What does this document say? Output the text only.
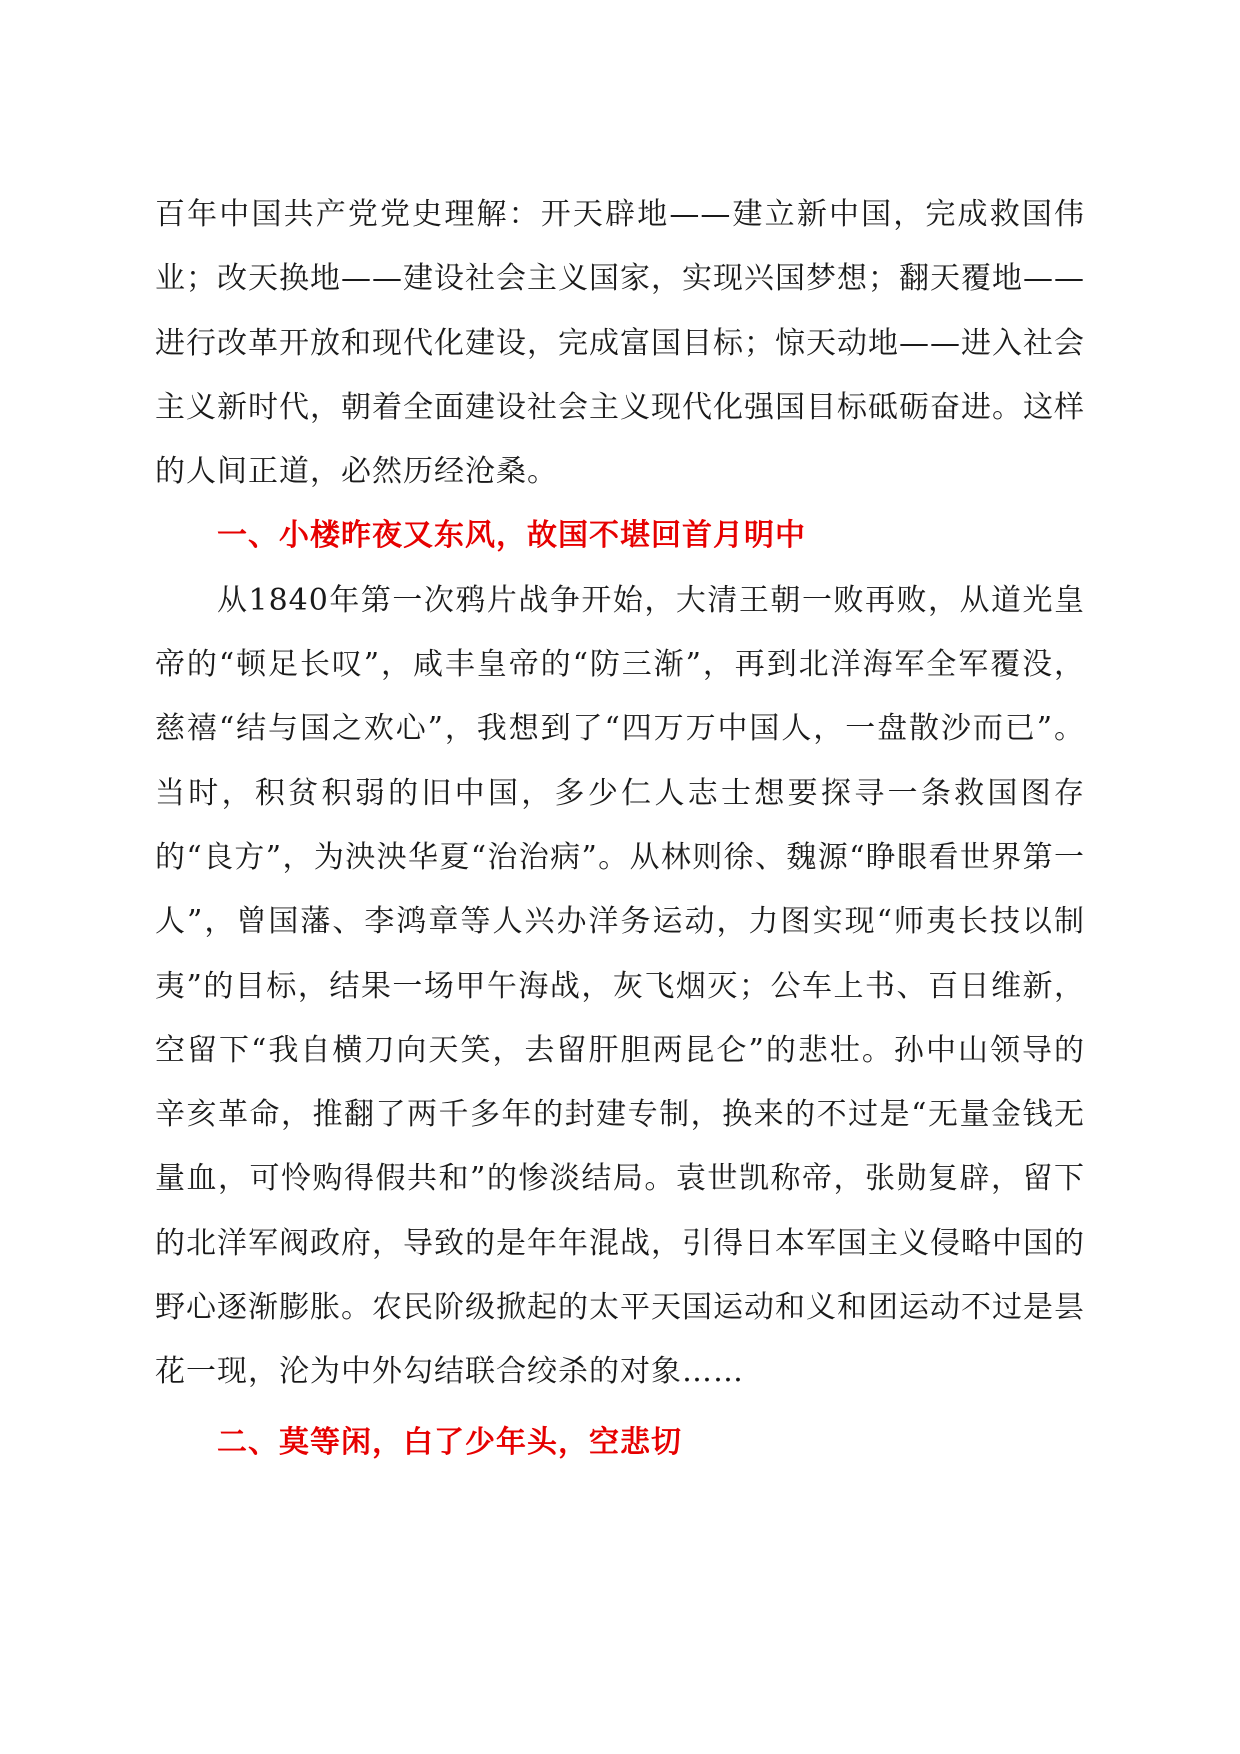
百年中国共产党党史理解：开天辟地——建立新中国，完成救国伟业；改天换地——建设社会主义国家，实现兴国梦想；翻天覆地——进行改革开放和现代化建设，完成富国目标；惊天动地——进入社会主义新时代，朝着全面建设社会主义现代化强国目标砥砺奋进。这样的人间正道，必然历经沧桑。

一、小楼昨夜又东风，故国不堪回首月明中

从1840年第一次鸦片战争开始，大清王朝一败再败，从道光皇帝的“顿足长叹”，咸丰皇帝的“防三渐”，再到北洋海军全军覆没，慈禧“结与国之欢心”，我想到了“四万万中国人，一盘散沙而已”。当时，积贫积弱的旧中国，多少仁人志士想要探寻一条救国图存的“良方”，为泱泱华夏“治治病”。从林则徐、魏源“睁眼看世界第一人”，曾国藩、李鸿章等人兴办洋务运动，力图实现“师夷长技以制夷”的目标，结果一场甲午海战，灰飞烟灭；公车上书、百日维新，空留下“我自横刀向天笑，去留肝胆两昆仑”的悲壮。孙中山领导的辛亥革命，推翻了两千多年的封建专制，换来的不过是“无量金钱无量血，可怜购得假共和”的惨淡结局。袁世凯称帝，张勋复辟，留下的北洋军阀政府，导致的是年年混战，引得日本军国主义侵略中国的野心逐渐膨胀。农民阶级掀起的太平天国运动和义和团运动不过是昙花一现，沦为中外勾结联合绞杀的对象……

二、莫等闲，白了少年头，空悲切
